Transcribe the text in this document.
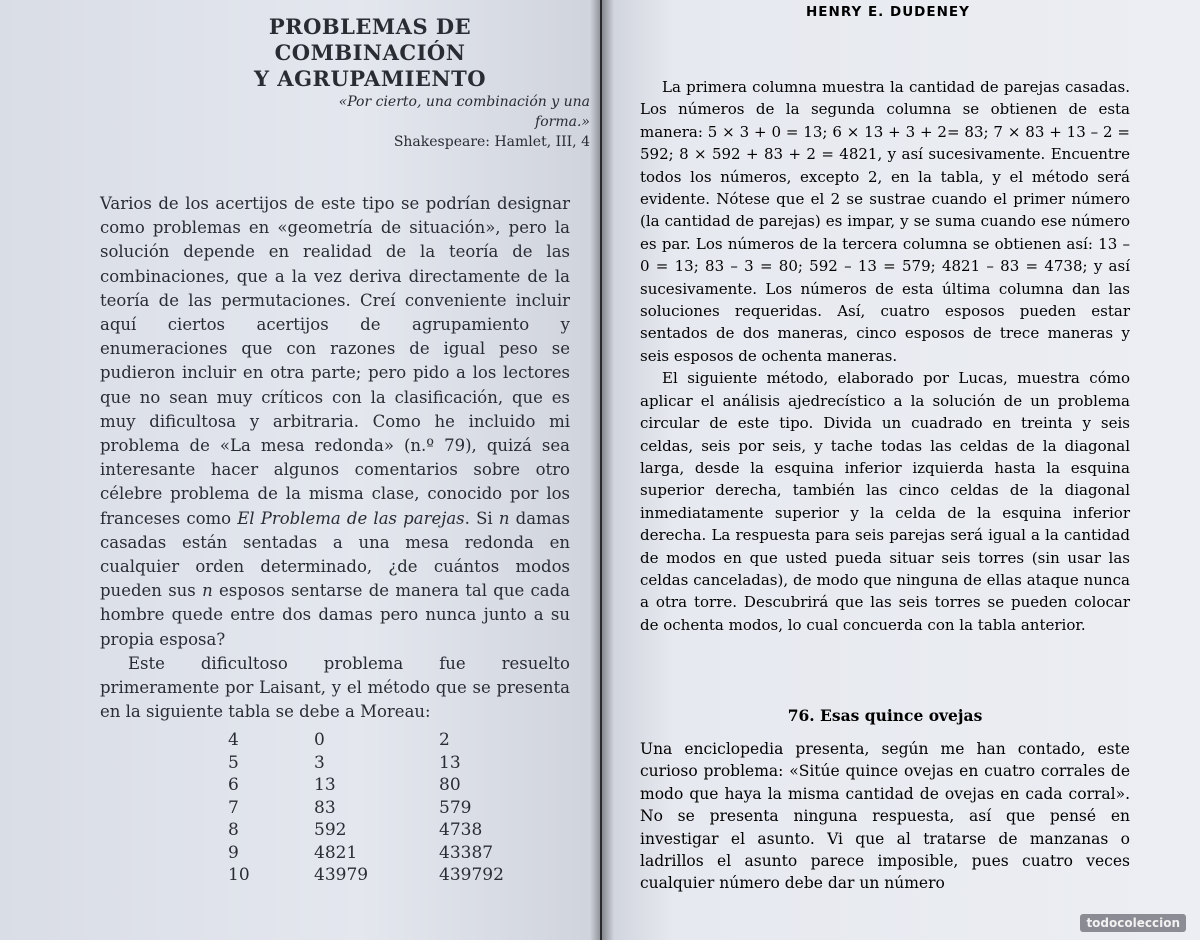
PROBLEMAS DE COMBINACIÓN
Y AGRUPAMIENTO
«Por cierto, una combinación y una forma.»
Shakespeare: Hamlet, III, 4

Varios de los acertijos de este tipo se podrían designar como problemas en «geometría de situación», pero la solución depende en realidad de la teoría de las combinaciones, que a la vez deriva directamente de la teoría de las permutaciones. Creí conveniente incluir aquí ciertos acertijos de agrupamiento y enumeraciones que con razones de igual peso se pudieron incluir en otra parte; pero pido a los lectores que no sean muy críticos con la clasificación, que es muy dificultosa y arbitraria. Como he incluido mi problema de «La mesa redonda» (n.º 79), quizá sea interesante hacer algunos comentarios sobre otro célebre problema de la misma clase, conocido por los franceses como El Problema de las parejas. Si n damas casadas están sentadas a una mesa redonda en cualquier orden determinado, ¿de cuántos modos pueden sus n esposos sentarse de manera tal que cada hombre quede entre dos damas pero nunca junto a su propia esposa?

Este dificultoso problema fue resuelto primeramente por Laisant, y el método que se presenta en la siguiente tabla se debe a Moreau:

4	0	2
5	3	13
6	13	80
7	83	579
8	592	4738
9	4821	43387
10	43979	439792
HENRY E. DUDENEY

La primera columna muestra la cantidad de parejas casadas. Los números de la segunda columna se obtienen de esta manera: 5 × 3 + 0 = 13; 6 × 13 + 3 + 2= 83; 7 × 83 + 13 – 2 = 592; 8 × 592 + 83 + 2 = 4821, y así sucesivamente. Encuentre todos los números, excepto 2, en la tabla, y el método será evidente. Nótese que el 2 se sustrae cuando el primer número (la cantidad de parejas) es impar, y se suma cuando ese número es par. Los números de la tercera columna se obtienen así: 13 – 0 = 13; 83 – 3 = 80; 592 – 13 = 579; 4821 – 83 = 4738; y así sucesivamente. Los números de esta última columna dan las soluciones requeridas. Así, cuatro esposos pueden estar sentados de dos maneras, cinco esposos de trece maneras y seis esposos de ochenta maneras.

El siguiente método, elaborado por Lucas, muestra cómo aplicar el análisis ajedrecístico a la solución de un problema circular de este tipo. Divida un cuadrado en treinta y seis celdas, seis por seis, y tache todas las celdas de la diagonal larga, desde la esquina inferior izquierda hasta la esquina superior derecha, también las cinco celdas de la diagonal inmediatamente superior y la celda de la esquina inferior derecha. La respuesta para seis parejas será igual a la cantidad de modos en que usted pueda situar seis torres (sin usar las celdas canceladas), de modo que ninguna de ellas ataque nunca a otra torre. Descubrirá que las seis torres se pueden colocar de ochenta modos, lo cual concuerda con la tabla anterior.

76. Esas quince ovejas

Una enciclopedia presenta, según me han contado, este curioso problema: «Sitúe quince ovejas en cuatro corrales de modo que haya la misma cantidad de ovejas en cada corral». No se presenta ninguna respuesta, así que pensé en investigar el asunto. Vi que al tratarse de manzanas o ladrillos el asunto parece imposible, pues cuatro veces cualquier número debe dar un número

todocoleccion
